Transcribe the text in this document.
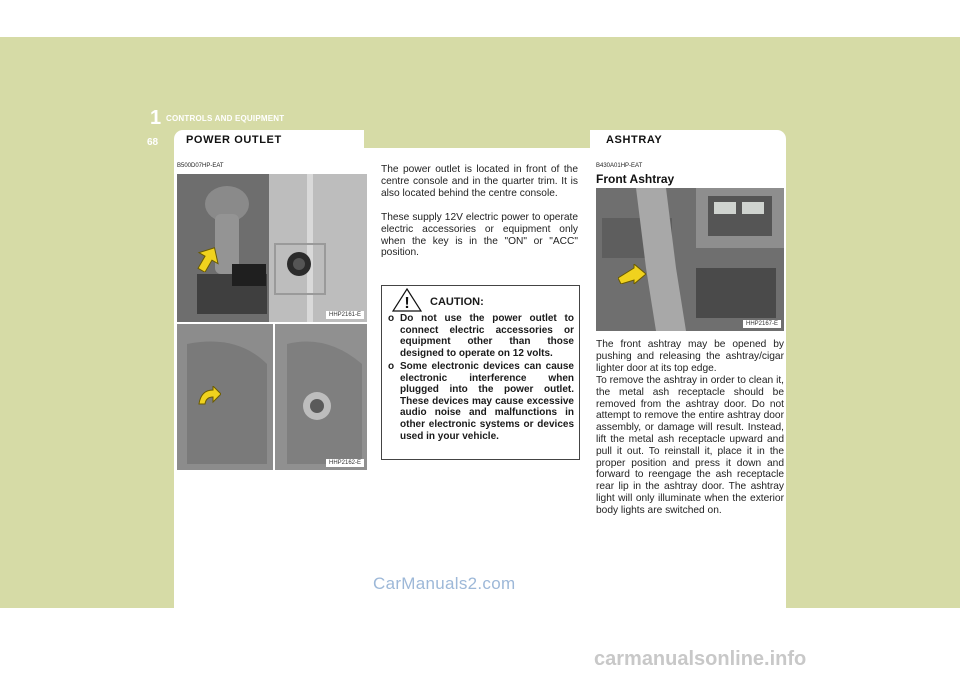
1 CONTROLS AND EQUIPMENT
68	POWER OUTLET	ASHTRAY
B500D07HP-EAT
HHP2161-E
HHP2162-E
The power outlet is located in front of the centre console and in the quarter trim. It is also located behind the centre console.
These supply 12V electric power to operate electric accessories or equipment only when the key is in the "ON" or "ACC" position.
! CAUTION:
o Do not use the power outlet to connect electric accessories or equipment other than those designed to operate on 12 volts.
o Some electronic devices can cause electronic interference when plugged into the power outlet. These devices may cause excessive audio noise and malfunctions in other electronic systems or devices used in your vehicle.
B430A01HP-EAT
Front Ashtray
HHP2167-E
The front ashtray may be opened by pushing and releasing the ashtray/cigar lighter door at its top edge.
To remove the ashtray in order to clean it, the metal ash receptacle should be removed from the ashtray door. Do not attempt to remove the entire ashtray door assembly, or damage will result. Instead, lift the metal ash receptacle upward and pull it out. To reinstall it, place it in the proper position and press it down and forward to reengage the ash receptacle rear lip in the ashtray door. The ashtray light will only illuminate when the exterior body lights are switched on.
CarManuals2.com
carmanualsonline.info
